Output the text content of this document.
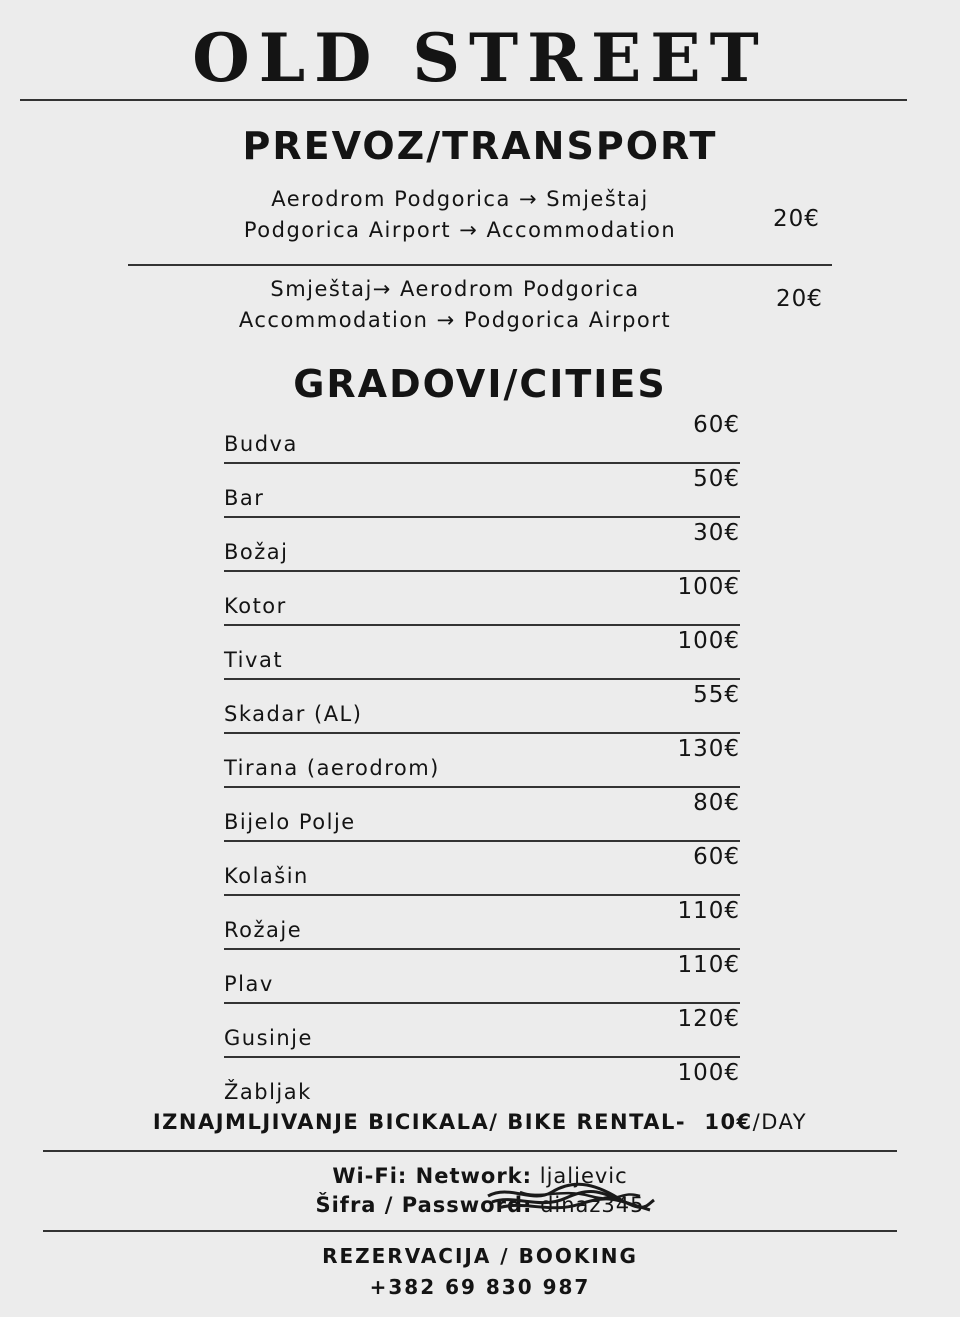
OLD STREET
PREVOZ/TRANSPORT
Aerodrom Podgorica → Smještaj
Podgorica Airport → Accommodation	20€
Smještaj→ Aerodrom Podgorica
Accommodation → Podgorica Airport
20€
GRADOVI/CITIES
Budva
60€
Bar
50€
Božaj
30€
Kotor
100€
Tivat
100€
Skadar (AL)
55€
Tirana (aerodrom)
130€
Bijelo Polje
80€
Kolašin
60€
Rožaje
110€
Plav
110€
Gusinje
120€
Žabljak
100€
IZNAJMLJIVANJE BICIKALA/ BIKE RENTAL- 10€/DAY
Wi-Fi: Network: ljaljevic
Šifra / Password: dinaz345
REZERVACIJA / BOOKING
+382 69 830 987
